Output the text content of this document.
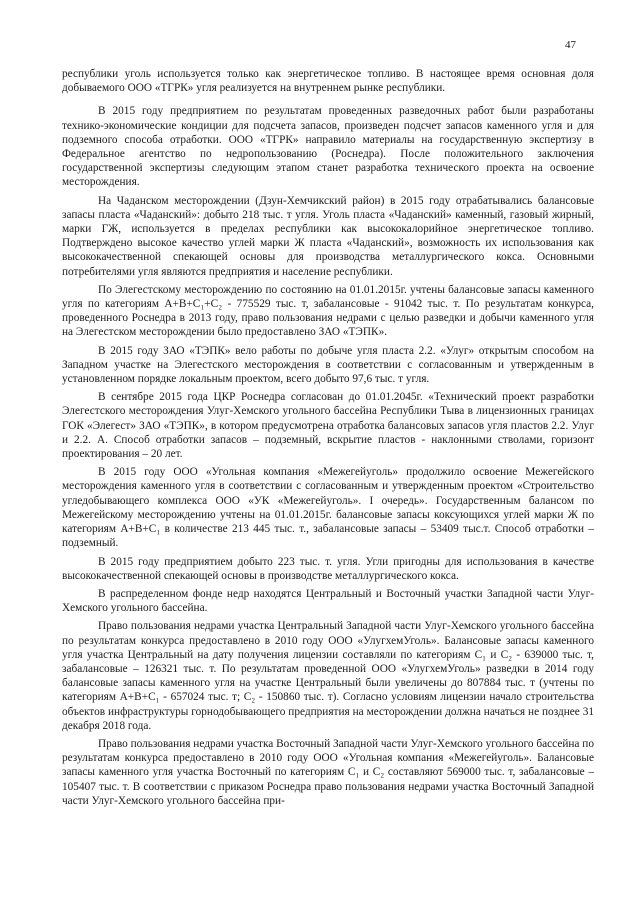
47

республики уголь используется только как энергетическое топливо. В настоящее время основная доля добываемого ООО «ТГРК» угля реализуется на внутреннем рынке республики.

В 2015 году предприятием по результатам проведенных разведочных работ были разработаны технико-экономические кондиции для подсчета запасов, произведен подсчет запасов каменного угля и для подземного способа отработки. ООО «ТГРК» направило материалы на государственную экспертизу в Федеральное агентство по недропользованию (Роснедра). После положительного заключения государственной экспертизы следующим этапом станет разработка технического проекта на освоение месторождения.

На Чаданском месторождении (Дзун-Хемчикский район) в 2015 году отрабатывались балансовые запасы пласта «Чаданский»: добыто 218 тыс. т угля. Уголь пласта «Чаданский» каменный, газовый жирный, марки ГЖ, используется в пределах республики как высококалорийное энергетическое топливо. Подтверждено высокое качество углей марки Ж пласта «Чаданский», возможность их использования как высококачественной спекающей основы для производства металлургического кокса. Основными потребителями угля являются предприятия и население республики.

По Элегестскому месторождению по состоянию на 01.01.2015г. учтены балансовые запасы каменного угля по категориям А+В+С₁+С₂ - 775529 тыс. т, забалансовые - 91042 тыс. т. По результатам конкурса, проведенного Роснедра в 2013 году, право пользования недрами с целью разведки и добычи каменного угля на Элегестском месторождении было предоставлено ЗАО «ТЭПК».

В 2015 году ЗАО «ТЭПК» вело работы по добыче угля пласта 2.2. «Улуг» открытым способом на Западном участке на Элегестского месторождения в соответствии с согласованным и утвержденным в установленном порядке локальным проектом, всего добыто 97,6 тыс. т угля.

В сентябре 2015 года ЦКР Роснедра согласован до 01.01.2045г. «Технический проект разработки Элегестского месторождения Улуг-Хемского угольного бассейна Республики Тыва в лицензионных границах ГОК «Элегест» ЗАО «ТЭПК», в котором предусмотрена отработка балансовых запасов угля пластов 2.2. Улуг и 2.2. А. Способ отработки запасов – подземный, вскрытие пластов - наклонными стволами, горизонт проектирования – 20 лет.

В 2015 году ООО «Угольная компания «Межегейуголь» продолжило освоение Межегейского месторождения каменного угля в соответствии с согласованным и утвержденным проектом «Строительство угледобывающего комплекса ООО «УК «Межегейуголь». I очередь». Государственным балансом по Межегейскому месторождению учтены на 01.01.2015г. балансовые запасы коксующихся углей марки Ж по категориям А+В+С₁ в количестве 213 445 тыс. т., забалансовые запасы – 53409 тыс.т. Способ отработки – подземный.

В 2015 году предприятием добыто 223 тыс. т. угля. Угли пригодны для использования в качестве высококачественной спекающей основы в производстве металлургического кокса.

В распределенном фонде недр находятся Центральный и Восточный участки Западной части Улуг-Хемского угольного бассейна.

Право пользования недрами участка Центральный Западной части Улуг-Хемского угольного бассейна по результатам конкурса предоставлено в 2010 году ООО «УлугхемУголь». Балансовые запасы каменного угля участка Центральный на дату получения лицензии составляли по категориям С₁ и С₂ - 639000 тыс. т, забалансовые – 126321 тыс. т. По результатам проведенной ООО «УлугхемУголь» разведки в 2014 году балансовые запасы каменного угля на участке Центральный были увеличены до 807884 тыс. т (учтены по категориям А+В+С₁ - 657024 тыс. т; С₂ - 150860 тыс. т). Согласно условиям лицензии начало строительства объектов инфраструктуры горнодобывающего предприятия на месторождении должна начаться не позднее 31 декабря 2018 года.

Право пользования недрами участка Восточный Западной части Улуг-Хемского угольного бассейна по результатам конкурса предоставлено в 2010 году ООО «Угольная компания «Межегейуголь». Балансовые запасы каменного угля участка Восточный по категориям С₁ и С₂ составляют 569000 тыс. т, забалансовые – 105407 тыс. т. В соответствии с приказом Роснедра право пользования недрами участка Восточный Западной части Улуг-Хемского угольного бассейна при-
